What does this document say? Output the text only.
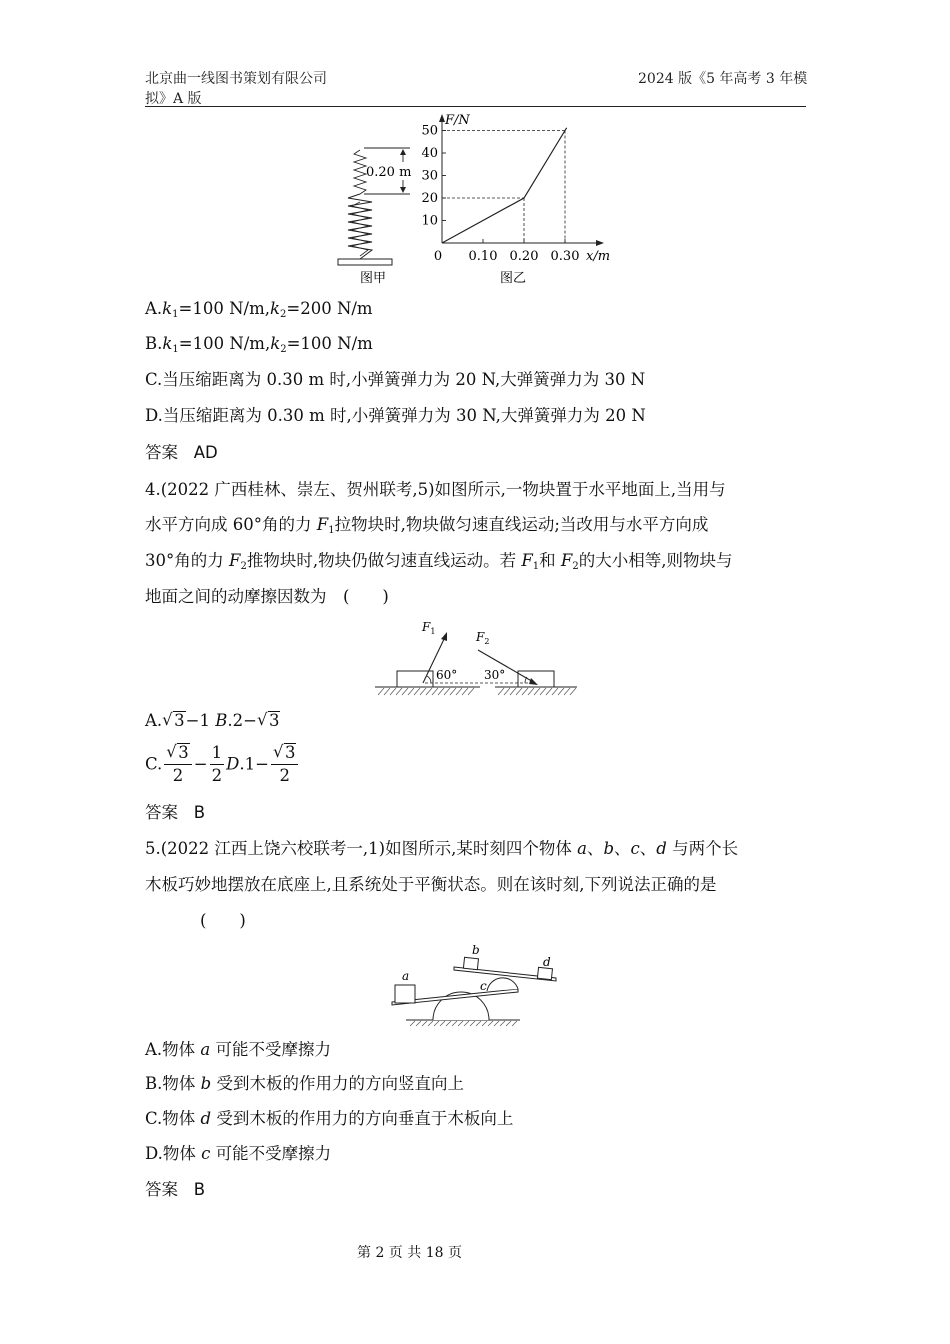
北京曲一线图书策划有限公司
拟》A 版
2024 版《5 年高考 3 年模
0.20 m
图甲	图乙
F/N
x/m
50
40
30
20
10
0 0.10 0.20 0.30
$A.k_1=100$ $N/m,k_2=200$ N/m
$B.k_1=100$ $N/m,k_2=100$ N/m
C.当压缩距离为 0.30 m 时,小弹簧弹力为 20 N,大弹簧弹力为 30 N
D.当压缩距离为 0.30 m 时,小弹簧弹力为 30 N,大弹簧弹力为 20 N
答案 AD
4.(2022 广西桂林、崇左、贺州联考,5)如图所示,一物块置于水平地面上,当用与
水平方向成 60°角的力 $F_1$拉物块时,物块做匀速直线运动;当改用与水平方向成
30°角的力 $F_2$推物块时,物块仍做匀速直线运动。若 $F_1$和 $F_2$的大小相等,则物块与
地面之间的动摩擦因数为　(　　)
$F_1$
60°
$F_2$
30°
A. √ 3−1 B.2− √ 3
C. $\frac{√ 3}{2} - \frac{1}{2} D.1- \frac{√ 3}{2}$
答案 B
5.(2022 江西上饶六校联考一,1)如图所示,某时刻四个物体 a、b、c、d 与两个长
木板巧妙地摆放在底座上,且系统处于平衡状态。则在该时刻,下列说法正确的是
(　　)
a
c
b
d
A.物体 a 可能不受摩擦力
B.物体 b 受到木板的作用力的方向竖直向上
C.物体 d 受到木板的作用力的方向垂直于木板向上
D.物体 c 可能不受摩擦力
答案 B
第 2 页 共 18 页
